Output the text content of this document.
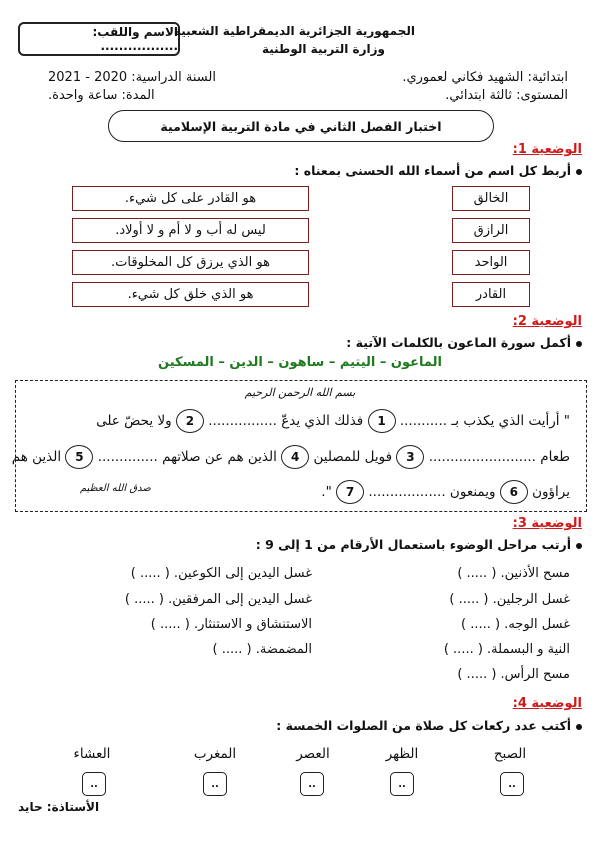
الاسم واللقب: .................
الجمهورية الجزائرية الديمقراطية الشعبية
وزارة التربية الوطنية
ابتدائية: الشهيد فكاني لعموري.
المستوى: ثالثة ابتدائي.
السنة الدراسية: 2020 - 2021
المدة: ساعة واحدة.
اختبار الفصل الثاني في مادة التربية الإسلامية
الوضعية 1:
أربط كل اسم من أسماء الله الحسنى بمعناه :
الخالق
الرازق
الواحد
القادر
هو القادر على كل شيء.
ليس له أب و لا أم و لا أولاد.
هو الذي يرزق كل المخلوقات.
هو الذي خلق كل شيء.
الوضعية 2:
أكمل سورة الماعون بالكلمات الآتية :
الماعون – اليتيم – ساهون – الدين – المسكين
بسم الله الرحمن الرحيم
" أرأيت الذي يكذب بـ ........... 1 فذلك الذي يدعّ ................ 2 ولا يحضّ على
طعام ......................... 3 فويل للمصلين 4 الذين هم عن صلاتهم .............. 5 الذين هم
يراؤون 6 ويمنعون .................. 7 ".
صدق الله العظيم
الوضعية 3:
أرتب مراحل الوضوء باستعمال الأرقام من 1 إلى 9 :
مسح الأذنين. ( ..... )
غسل الرجلين. ( ..... )
غسل الوجه. ( ..... )
النية و البسملة. ( ..... )
مسح الرأس. ( ..... )
غسل اليدين إلى الكوعين. ( ..... )
غسل اليدين إلى المرفقين. ( ..... )
الاستنشاق و الاستنثار. ( ..... )
المضمضة. ( ..... )
الوضعية 4:
أكتب عدد ركعات كل صلاة من الصلوات الخمسة :
الصبح
الظهر
العصر
المغرب
العشاء
..
..
..
..
..
الأستاذة: حايد
